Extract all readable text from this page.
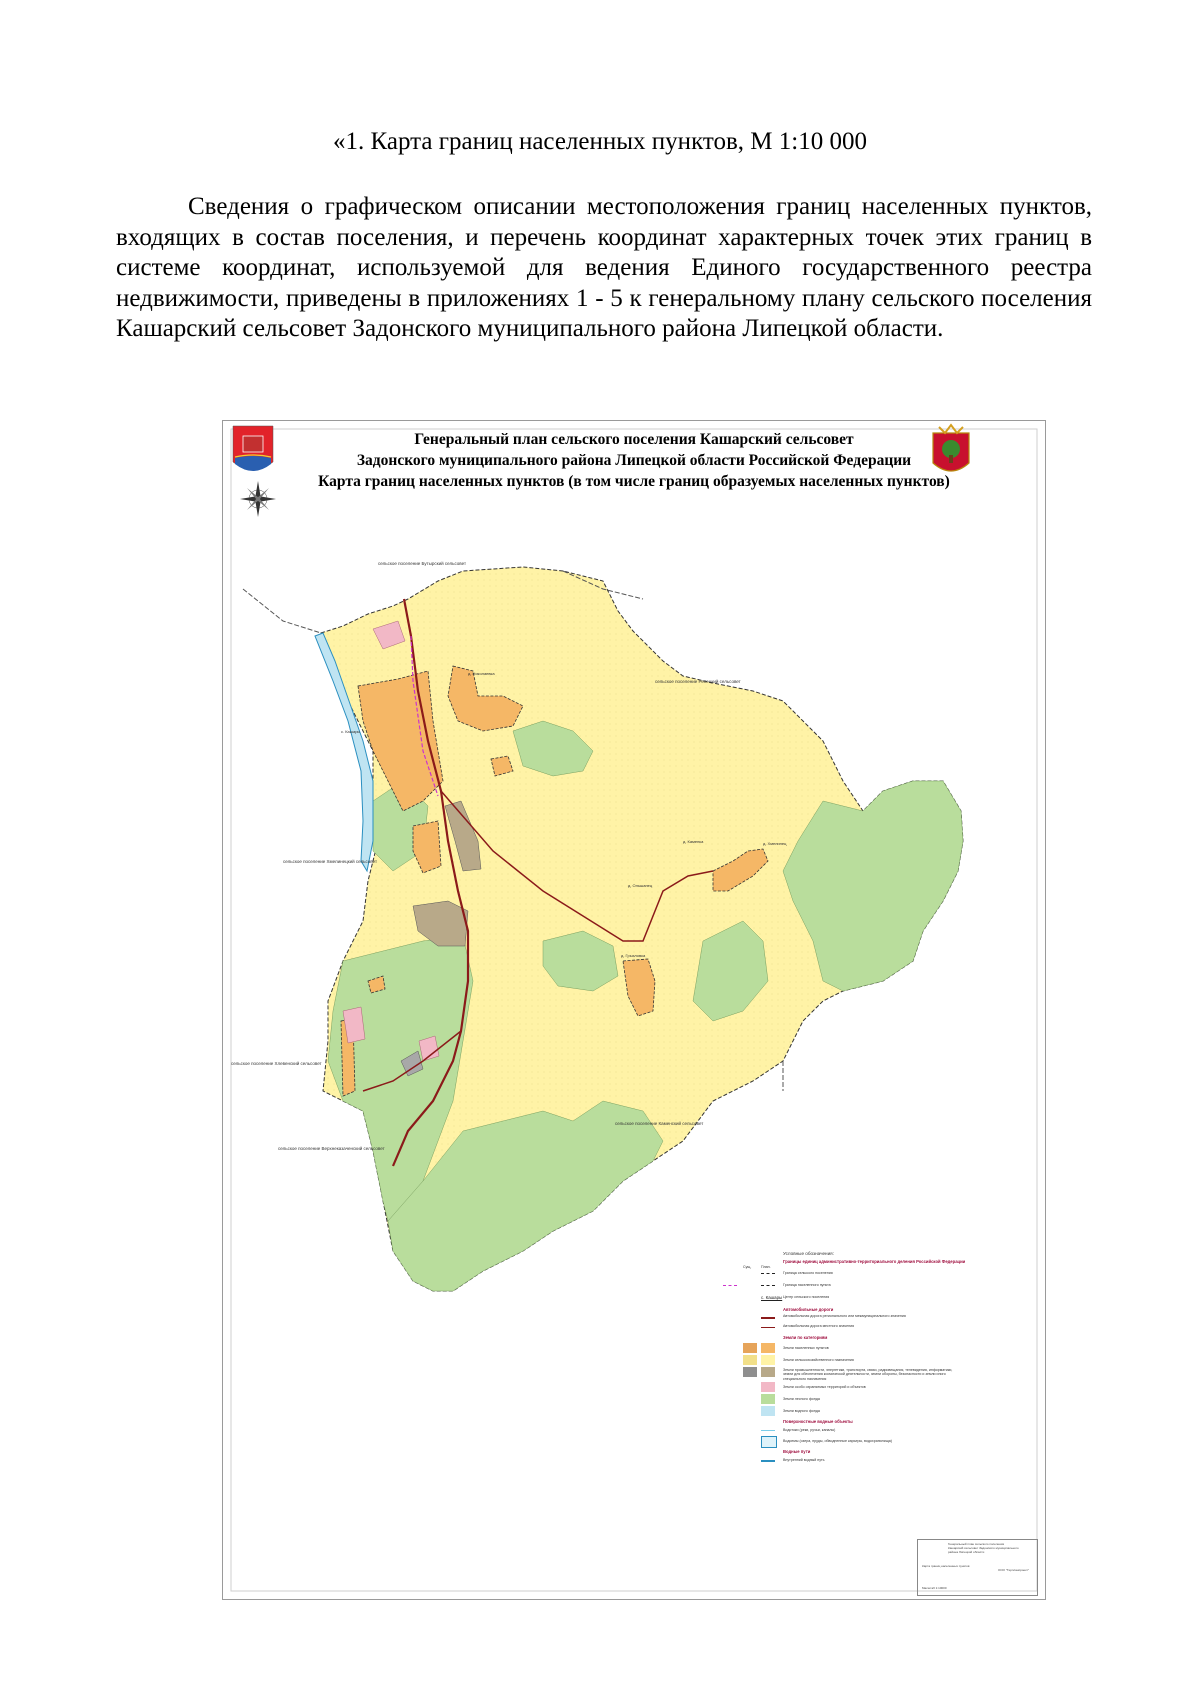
«1. Карта границ населенных пунктов, М 1:10 000

Сведения о графическом описании местоположения границ населенных пунктов, входящих в состав поселения, и перечень координат характерных точек этих границ в системе координат, используемой для ведения Единого государственного реестра недвижимости, приведены в приложениях 1 - 5 к генеральному плану сельского поселения Кашарский сельсовет Задонского муниципального района Липецкой области.

Генеральный план сельского поселения Кашарский сельсовет
Задонского муниципального района Липецкой области Российской Федерации
Карта границ населенных пунктов (в том числе границ образуемых населенных пунктов)
сельское поселение Бутырский сельсовет
сельское поселение Репецкий сельсовет
сельское поселение Хмелинецкий сельсовет
сельское поселение Хлевенский сельсовет
сельское поселение Каменский сельсовет
сельское поселение Верхнеказаченский сельсовет
с. Кашары
д. Николаевка
д. Ольшанец
д. Грызловка
д. Каменка	д. Хмелинец
Условные обозначения:
Границы единиц административно-территориального деления Российской Федерации
Сущ.	План.
Граница сельского поселения
Граница населенного пункта
с. Кашары Центр сельского поселения
Автомобильные дороги
Автомобильная дорога регионального или межмуниципального значения
Автомобильная дорога местного значения
Земли по категориям
Земли населенных пунктов
Земли сельскохозяйственного назначения
Земли промышленности, энергетики, транспорта, связи, радиовещания, телевидения, информатики, земли для обеспечения космической деятельности, земли обороны, безопасности и земли иного специального назначения
Земли особо охраняемых территорий и объектов
Земли лесного фонда
Земли водного фонда
Поверхностные водные объекты
Водотоки (реки, ручьи, каналы)
Водоемы (озера, пруды, обводненные карьеры, водохранилища)
Водные пути
Внутренний водный путь
Генеральный план сельского поселения
Кашарский сельсовет Задонского муниципального
района Липецкой области
Карта границ населенных пунктов
ООО "Терпланпроект"
Масштаб 1:10000
